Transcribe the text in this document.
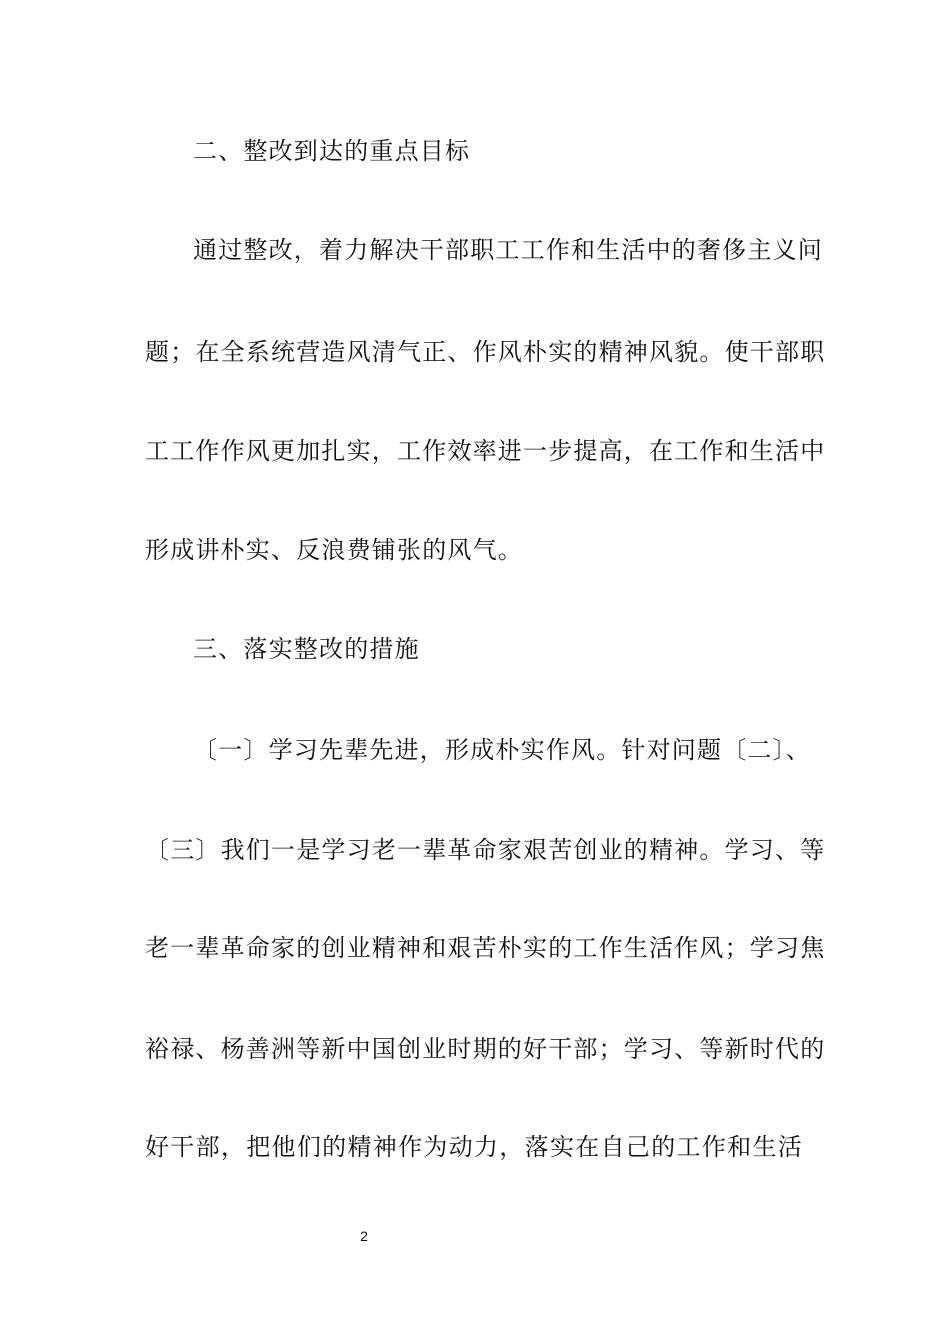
二、整改到达的重点目标
通过整改，着力解决干部职工工作和生活中的奢侈主义问
题；在全系统营造风清气正、作风朴实的精神风貌。使干部职
工工作作风更加扎实，工作效率进一步提高，在工作和生活中
形成讲朴实、反浪费铺张的风气。
三、落实整改的措施
〔一〕学习先辈先进，形成朴实作风。针对问题〔二〕、
〔三〕我们一是学习老一辈革命家艰苦创业的精神。学习、等
老一辈革命家的创业精神和艰苦朴实的工作生活作风；学习焦
裕禄、杨善洲等新中国创业时期的好干部；学习、等新时代的
好干部，把他们的精神作为动力，落实在自己的工作和生活
2
